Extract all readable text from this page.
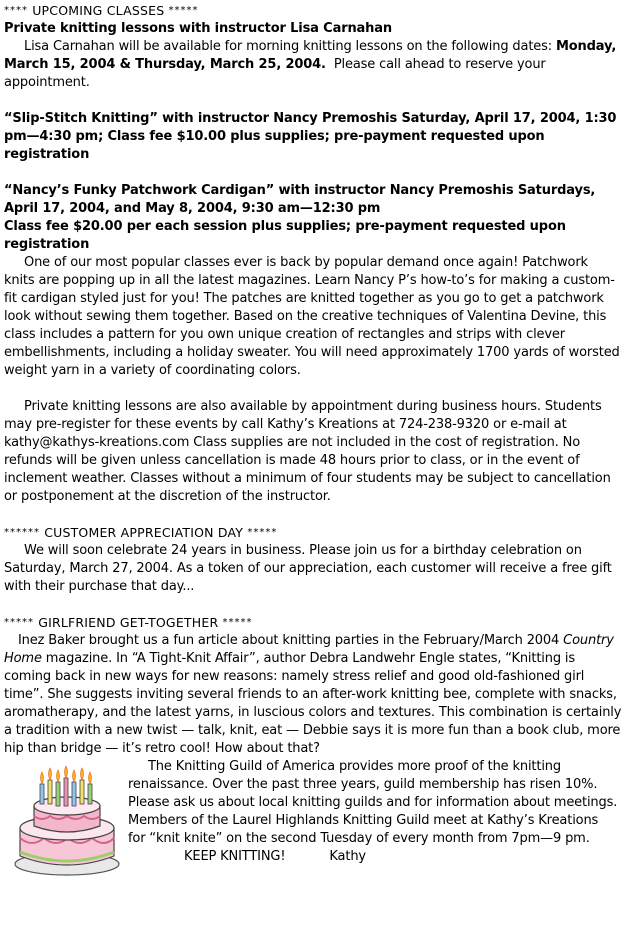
**** UPCOMING CLASSES *****

Private knitting lessons with instructor Lisa Carnahan

Lisa Carnahan will be available for morning knitting lessons on the following dates: Monday, March 15, 2004 & Thursday, March 25, 2004. Please call ahead to reserve your appointment.

“Slip-Stitch Knitting” with instructor Nancy Premoshis Saturday, April 17, 2004, 1:30 pm—4:30 pm; Class fee $10.00 plus supplies; pre-payment requested upon registration

“Nancy’s Funky Patchwork Cardigan” with instructor Nancy Premoshis Saturdays, April 17, 2004, and May 8, 2004, 9:30 am—12:30 pm

Class fee $20.00 per each session plus supplies; pre-payment requested upon registration

One of our most popular classes ever is back by popular demand once again! Patchwork knits are popping up in all the latest magazines. Learn Nancy P’s how-to’s for making a custom-fit cardigan styled just for you! The patches are knitted together as you go to get a patchwork look without sewing them together. Based on the creative techniques of Valentina Devine, this class includes a pattern for you own unique creation of rectangles and strips with clever embellishments, including a holiday sweater. You will need approximately 1700 yards of worsted weight yarn in a variety of coordinating colors.

Private knitting lessons are also available by appointment during business hours. Students may pre-register for these events by call Kathy’s Kreations at 724-238-9320 or e-mail at kathy@kathys-kreations.com Class supplies are not included in the cost of registration. No refunds will be given unless cancellation is made 48 hours prior to class, or in the event of inclement weather. Classes without a minimum of four students may be subject to cancellation or postponement at the discretion of the instructor.

****** CUSTOMER APPRECIATION DAY *****

We will soon celebrate 24 years in business. Please join us for a birthday celebration on Saturday, March 27, 2004. As a token of our appreciation, each customer will receive a free gift with their purchase that day...

***** GIRLFRIEND GET-TOGETHER *****

Inez Baker brought us a fun article about knitting parties in the February/March 2004 Country Home magazine. In “A Tight-Knit Affair”, author Debra Landwehr Engle states, “Knitting is coming back in new ways for new reasons: namely stress relief and good old-fashioned girl time”. She suggests inviting several friends to an after-work knitting bee, complete with snacks, aromatherapy, and the latest yarns, in luscious colors and textures. This combination is certainly a tradition with a new twist — talk, knit, eat — Debbie says it is more fun than a book club, more hip than bridge — it’s retro cool! How about that?

The Knitting Guild of America provides more proof of the knitting renaissance. Over the past three years, guild membership has risen 10%. Please ask us about local knitting guilds and for information about meetings. Members of the Laurel Highlands Knitting Guild meet at Kathy’s Kreations for “knit knite” on the second Tuesday of every month from 7pm—9 pm.

KEEP KNITTING!	Kathy
